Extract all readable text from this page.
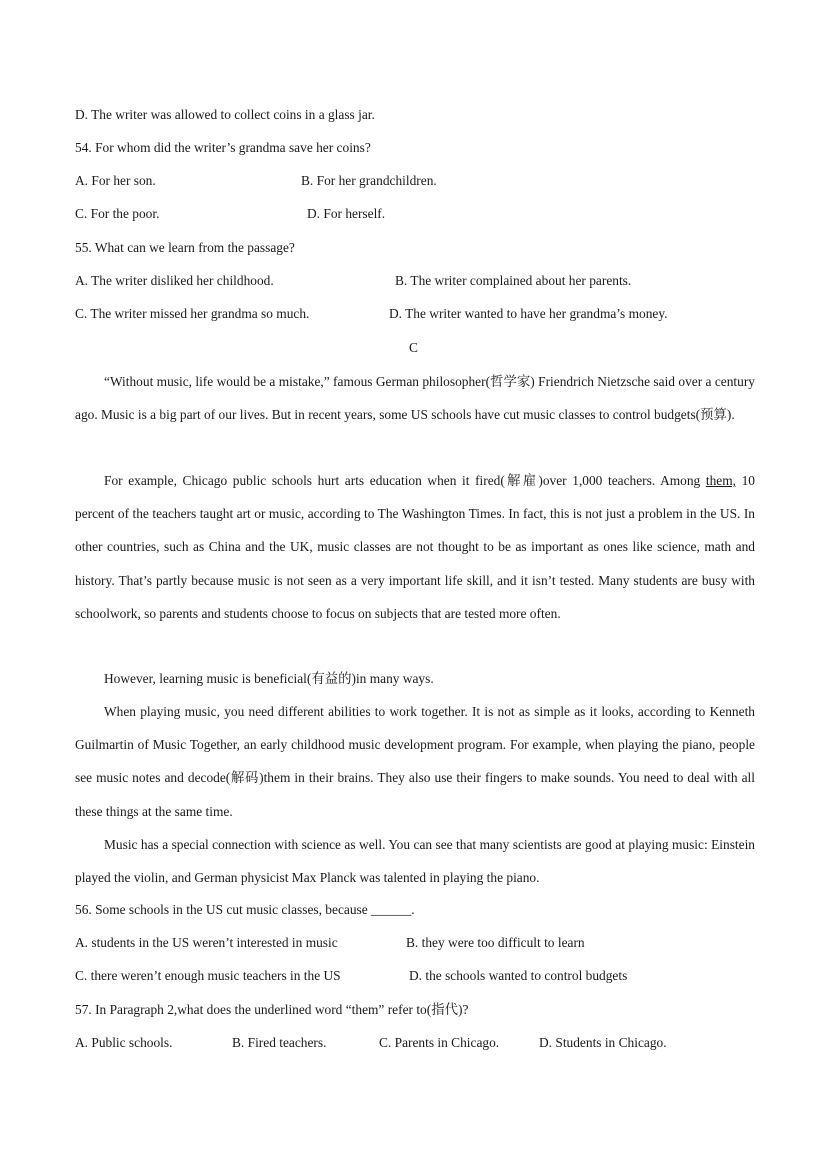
D. The writer was allowed to collect coins in a glass jar.
54. For whom did the writer’s grandma save her coins?
A. For her son.	B. For her grandchildren.
C. For the poor.	D. For herself.
55. What can we learn from the passage?
A. The writer disliked her childhood.	B. The writer complained about her parents.
C. The writer missed her grandma so much.	D. The writer wanted to have her grandma’s money.
C
“Without music, life would be a mistake,” famous German philosopher(哲学家) Friendrich Nietzsche said over a century ago. Music is a big part of our lives. But in recent years, some US schools have cut music classes to control budgets(预算).
For example, Chicago public schools hurt arts education when it fired(解雇)over 1,000 teachers. Among them, 10 percent of the teachers taught art or music, according to The Washington Times. In fact, this is not just a problem in the US. In other countries, such as China and the UK, music classes are not thought to be as important as ones like science, math and history. That’s partly because music is not seen as a very important life skill, and it isn’t tested. Many students are busy with schoolwork, so parents and students choose to focus on subjects that are tested more often.
However, learning music is beneficial(有益的)in many ways.
When playing music, you need different abilities to work together. It is not as simple as it looks, according to Kenneth Guilmartin of Music Together, an early childhood music development program. For example, when playing the piano, people see music notes and decode(解码)them in their brains. They also use their fingers to make sounds. You need to deal with all these things at the same time.
Music has a special connection with science as well. You can see that many scientists are good at playing music: Einstein played the violin, and German physicist Max Planck was talented in playing the piano.
56. Some schools in the US cut music classes, because ______.
A. students in the US weren’t interested in music	B. they were too difficult to learn
C. there weren’t enough music teachers in the US	D. the schools wanted to control budgets
57. In Paragraph 2,what does the underlined word “them” refer to(指代)?
A. Public schools.	B. Fired teachers.	C. Parents in Chicago.	D. Students in Chicago.
